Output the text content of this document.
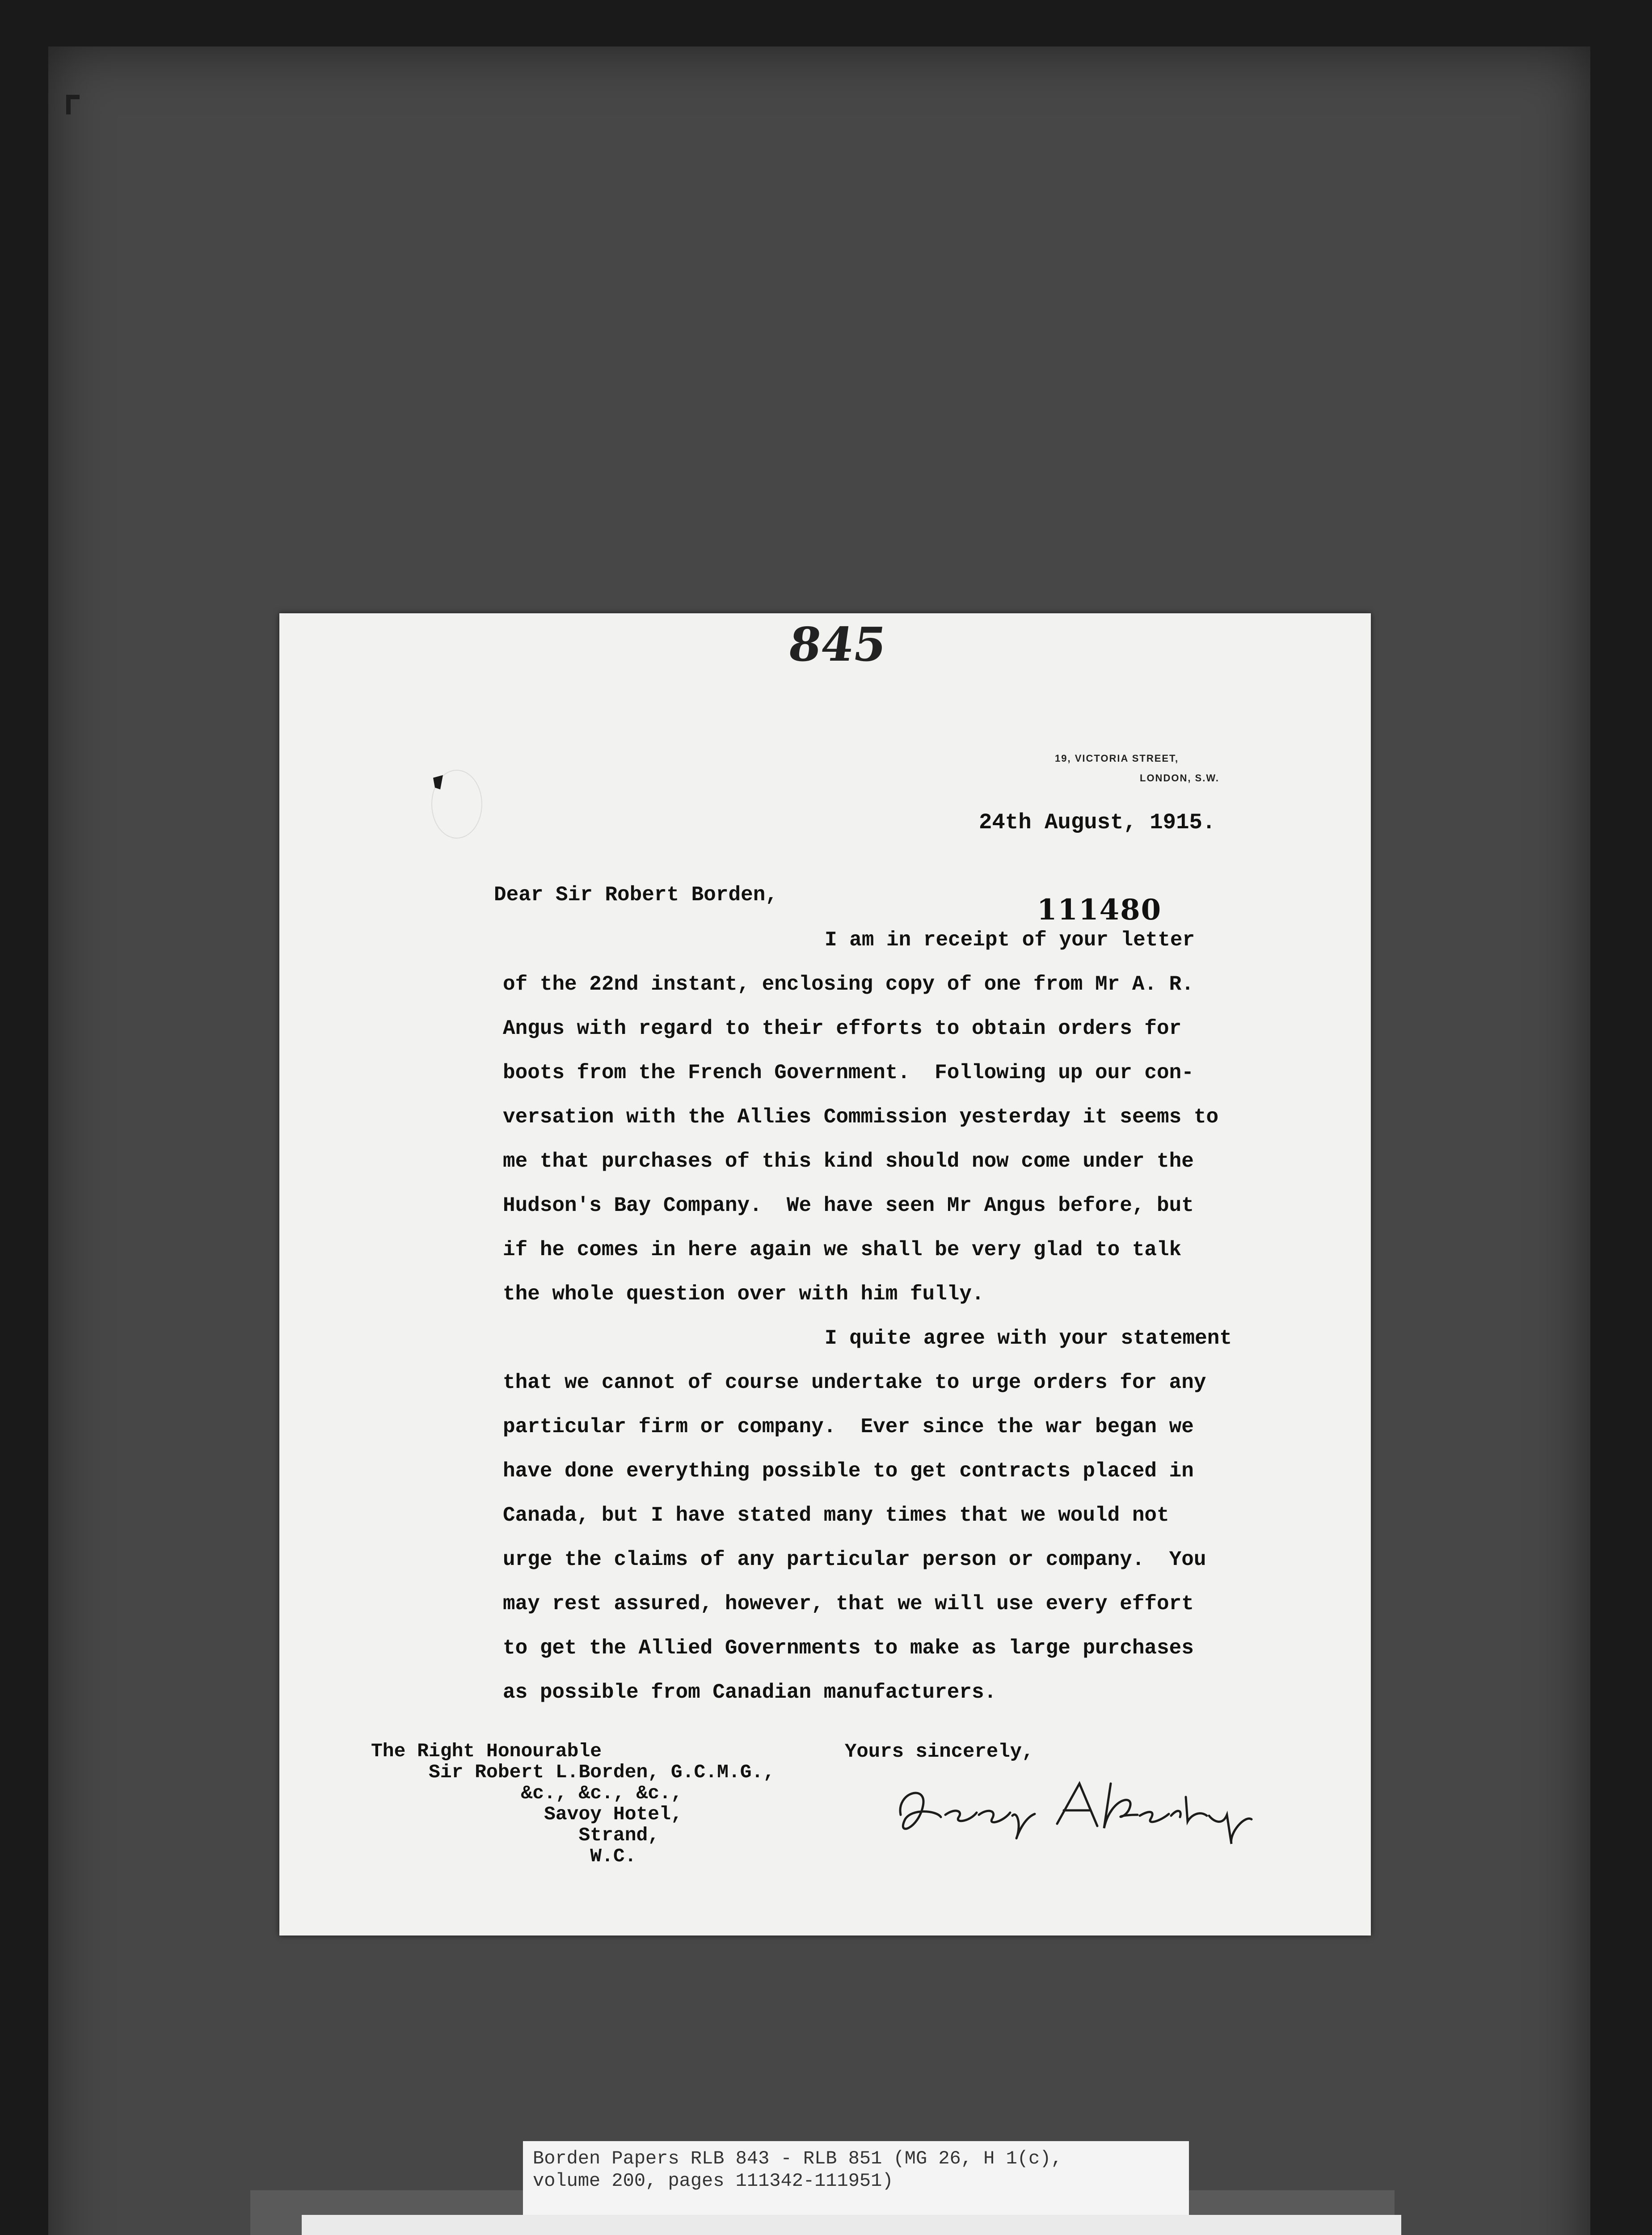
845

19, VICTORIA STREET,

LONDON, S.W.

24th August, 1915.

Dear Sir Robert Borden,	111480

I am in receipt of your letter
of the 22nd instant, enclosing copy of one from Mr A. R.
Angus with regard to their efforts to obtain orders for
boots from the French Government.  Following up our con-
versation with the Allies Commission yesterday it seems to
me that purchases of this kind should now come under the
Hudson's Bay Company.  We have seen Mr Angus before, but
if he comes in here again we shall be very glad to talk
the whole question over with him fully.
I quite agree with your statement
that we cannot of course undertake to urge orders for any
particular firm or company.  Ever since the war began we
have done everything possible to get contracts placed in
Canada, but I have stated many times that we would not
urge the claims of any particular person or company.  You
may rest assured, however, that we will use every effort
to get the Allied Governments to make as large purchases
as possible from Canadian manufacturers.

The Right Honourable
Sir Robert L.Borden, G.C.M.G.,
&c., &c., &c.,
Savoy Hotel,
Strand,
W.C.

Yours sincerely,

Borden Papers RLB 843 - RLB 851 (MG 26, H 1(c),

volume 200, pages 111342-111951)
